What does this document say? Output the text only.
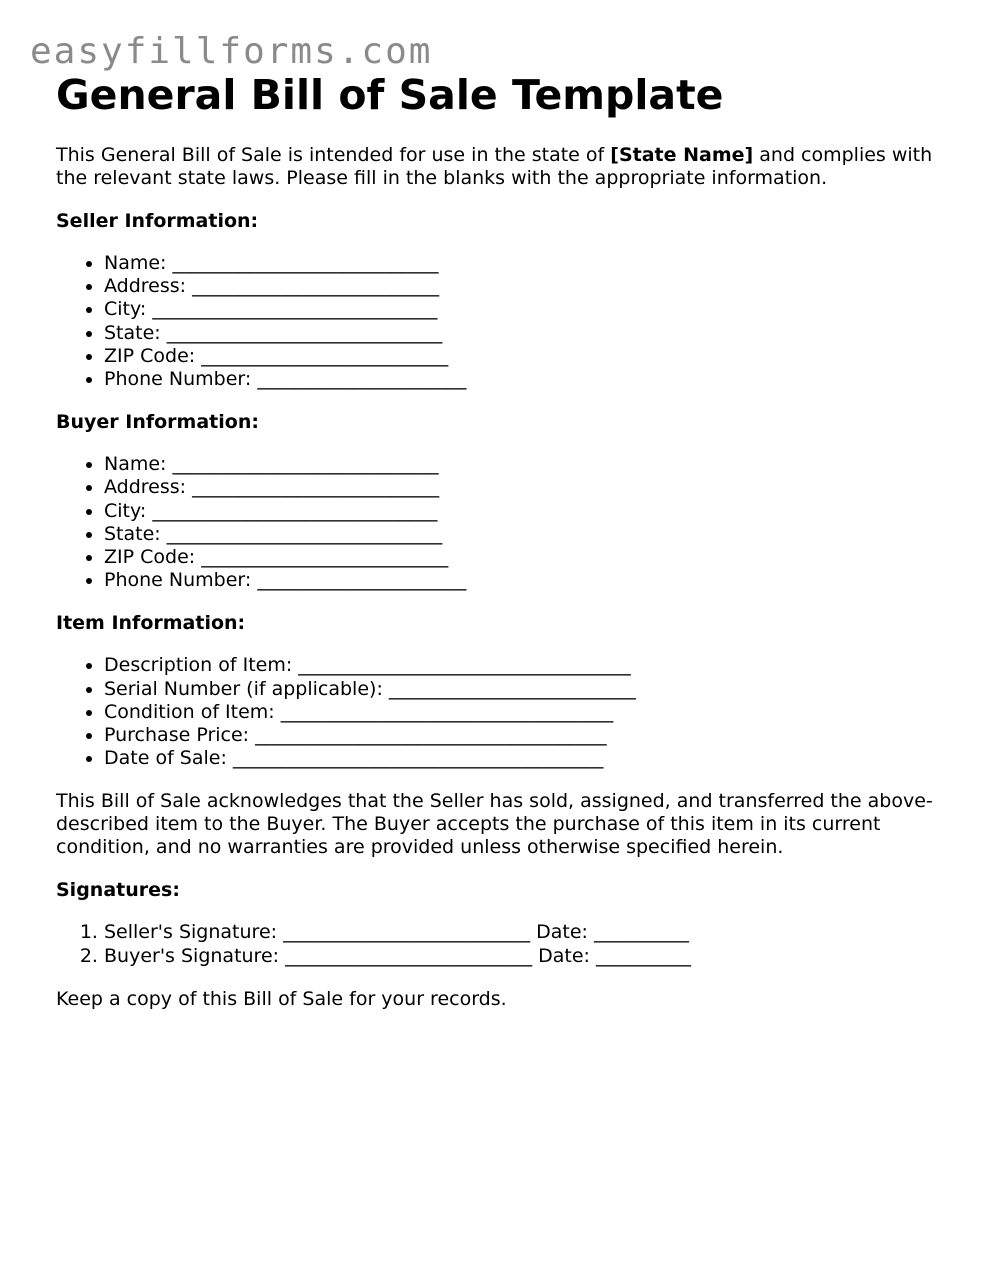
easyfillforms.com
General Bill of Sale Template

This General Bill of Sale is intended for use in the state of [State Name] and complies with the relevant state laws. Please fill in the blanks with the appropriate information.

Seller Information:
• Name: ____________________________
• Address: __________________________
• City: ______________________________
• State: _____________________________
• ZIP Code: __________________________
• Phone Number: ______________________
Buyer Information:
• Name: ____________________________
• Address: __________________________
• City: ______________________________
• State: _____________________________
• ZIP Code: __________________________
• Phone Number: ______________________
Item Information:
• Description of Item: ___________________________________
• Serial Number (if applicable): __________________________
• Condition of Item: ___________________________________
• Purchase Price: _____________________________________
• Date of Sale: _______________________________________

This Bill of Sale acknowledges that the Seller has sold, assigned, and transferred the above-described item to the Buyer. The Buyer accepts the purchase of this item in its current condition, and no warranties are provided unless otherwise specified herein.

Signatures:
1. Seller's Signature: __________________________ Date: __________
2. Buyer's Signature: __________________________ Date: __________

Keep a copy of this Bill of Sale for your records.
